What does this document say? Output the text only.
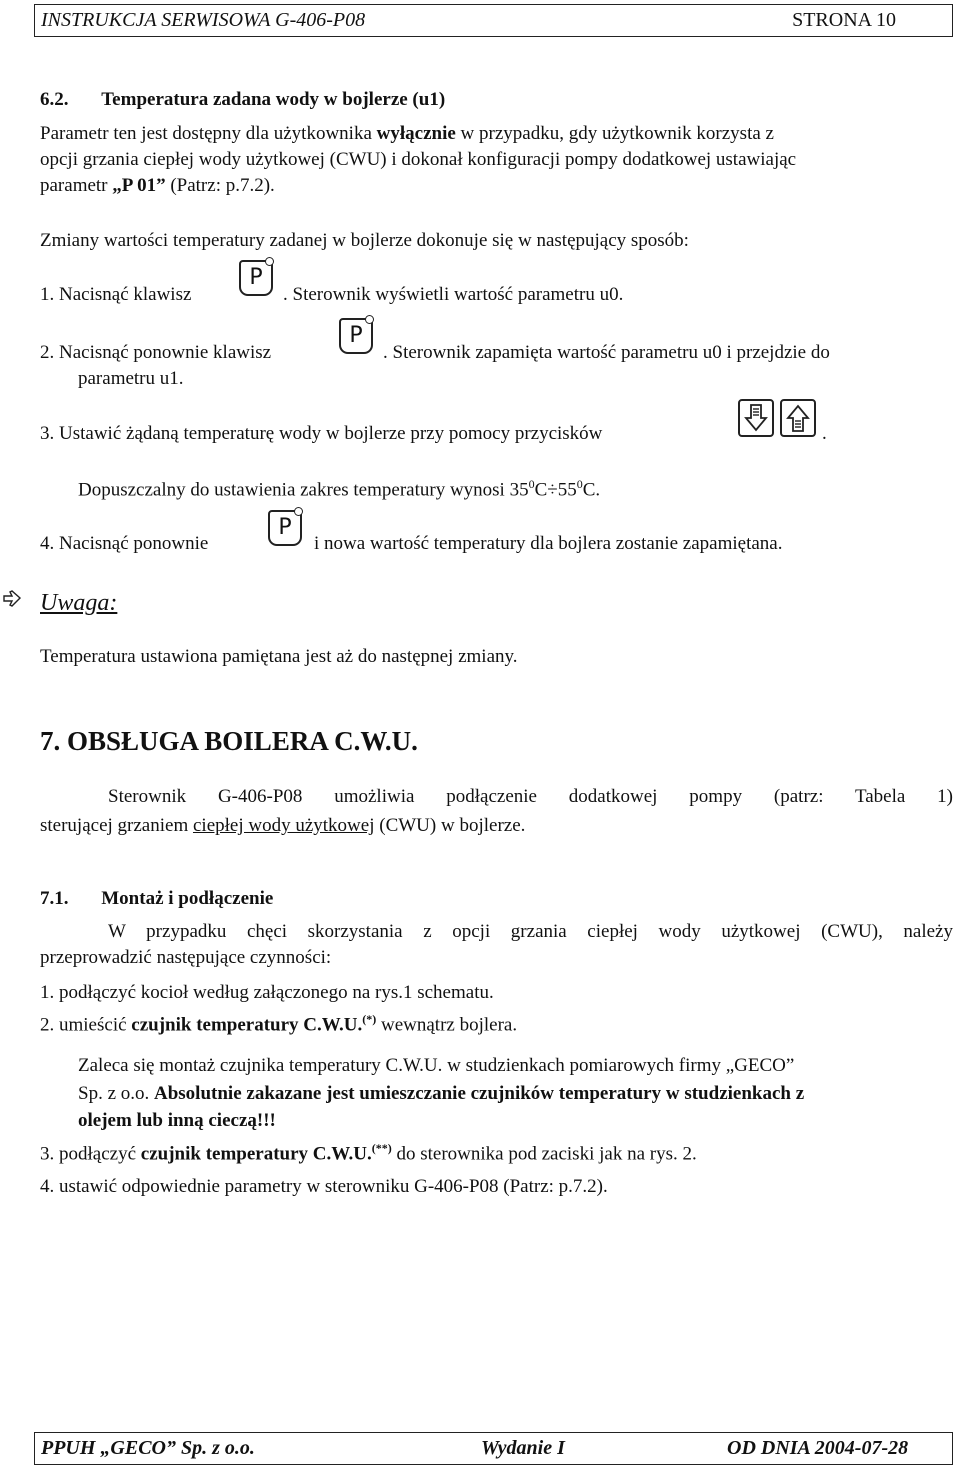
INSTRUKCJA SERWISOWA G-406-P08	STRONA 10
6.2. Temperatura zadana wody w bojlerze (u1)
Parametr ten jest dostępny dla użytkownika wyłącznie w przypadku, gdy użytkownik korzysta z
opcji grzania ciepłej wody użytkowej (CWU) i dokonał konfiguracji pompy dodatkowej ustawiając
parametr „P 01” (Patrz: p.7.2).
Zmiany wartości temperatury zadanej w bojlerze dokonuje się w następujący sposób:
1. Nacisnąć klawisz
P
. Sterownik wyświetli wartość parametru u0.
2. Nacisnąć ponownie klawisz
P
. Sterownik zapamięta wartość parametru u0 i przejdzie do
parametru u1.
3. Ustawić żądaną temperaturę wody w bojlerze przy pomocy przycisków	.
Dopuszczalny do ustawienia zakres temperatury wynosi $35^0C\div 55^0C$.
4. Nacisnąć ponownie
P
i nowa wartość temperatury dla bojlera zostanie zapamiętana.
Uwaga:
Temperatura ustawiona pamiętana jest aż do następnej zmiany.
7. OBSŁUGA BOILERA C.W.U.
Sterownik G-406-P08 umożliwia podłączenie dodatkowej pompy (patrz: Tabela 1)
sterującej grzaniem ciepłej wody użytkowej (CWU) w bojlerze.
7.1. Montaż i podłączenie
W przypadku chęci skorzystania z opcji grzania ciepłej wody użytkowej (CWU), należy
przeprowadzić następujące czynności:
1. podłączyć kocioł według załączonego na rys.1 schematu.
2. umieścić czujnik temperatury C.W.U.(*) wewnątrz bojlera.
Zaleca się montaż czujnika temperatury C.W.U. w studzienkach pomiarowych firmy „GECO”
Sp. z o.o. Absolutnie zakazane jest umieszczanie czujników temperatury w studzienkach z
olejem lub inną cieczą!!!
3. podłączyć czujnik temperatury C.W.U.(**) do sterownika pod zaciski jak na rys. 2.
4. ustawić odpowiednie parametry w sterowniku G-406-P08 (Patrz: p.7.2).
PPUH „GECO” Sp. z o.o.	Wydanie I	OD DNIA 2004-07-28
